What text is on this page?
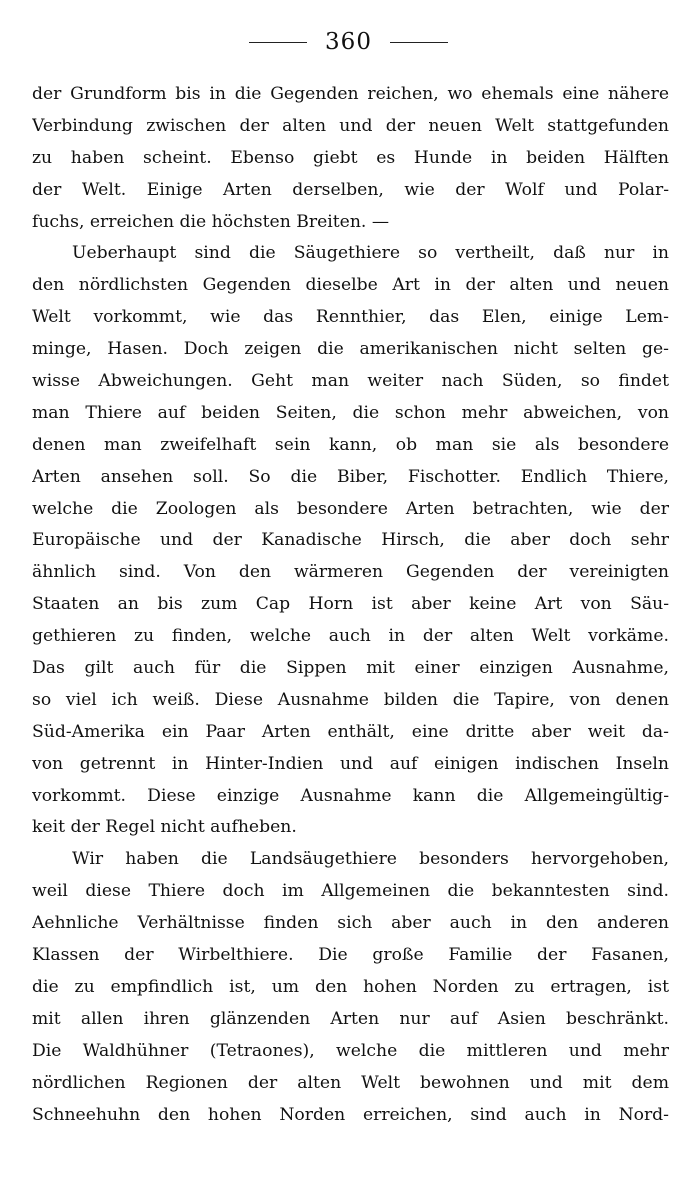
360
der Grundform bis in die Gegenden reichen, wo ehemals eine nähere
Verbindung zwischen der alten und der neuen Welt stattgefunden
zu haben scheint. Ebenso giebt es Hunde in beiden Hälften
der Welt. Einige Arten derselben, wie der Wolf und Polar-
fuchs, erreichen die höchsten Breiten. —
Ueberhaupt sind die Säugethiere so vertheilt, daß nur in
den nördlichsten Gegenden dieselbe Art in der alten und neuen
Welt vorkommt, wie das Rennthier, das Elen, einige Lem-
minge, Hasen. Doch zeigen die amerikanischen nicht selten ge-
wisse Abweichungen. Geht man weiter nach Süden, so findet
man Thiere auf beiden Seiten, die schon mehr abweichen, von
denen man zweifelhaft sein kann, ob man sie als besondere
Arten ansehen soll. So die Biber, Fischotter. Endlich Thiere,
welche die Zoologen als besondere Arten betrachten, wie der
Europäische und der Kanadische Hirsch, die aber doch sehr
ähnlich sind. Von den wärmeren Gegenden der vereinigten
Staaten an bis zum Cap Horn ist aber keine Art von Säu-
gethieren zu finden, welche auch in der alten Welt vorkäme.
Das gilt auch für die Sippen mit einer einzigen Ausnahme,
so viel ich weiß. Diese Ausnahme bilden die Tapire, von denen
Süd-Amerika ein Paar Arten enthält, eine dritte aber weit da-
von getrennt in Hinter-Indien und auf einigen indischen Inseln
vorkommt. Diese einzige Ausnahme kann die Allgemeingültig-
keit der Regel nicht aufheben.
Wir haben die Landsäugethiere besonders hervorgehoben,
weil diese Thiere doch im Allgemeinen die bekanntesten sind.
Aehnliche Verhältnisse finden sich aber auch in den anderen
Klassen der Wirbelthiere. Die große Familie der Fasanen,
die zu empfindlich ist, um den hohen Norden zu ertragen, ist
mit allen ihren glänzenden Arten nur auf Asien beschränkt.
Die Waldhühner (Tetraones), welche die mittleren und mehr
nördlichen Regionen der alten Welt bewohnen und mit dem
Schneehuhn den hohen Norden erreichen, sind auch in Nord-
